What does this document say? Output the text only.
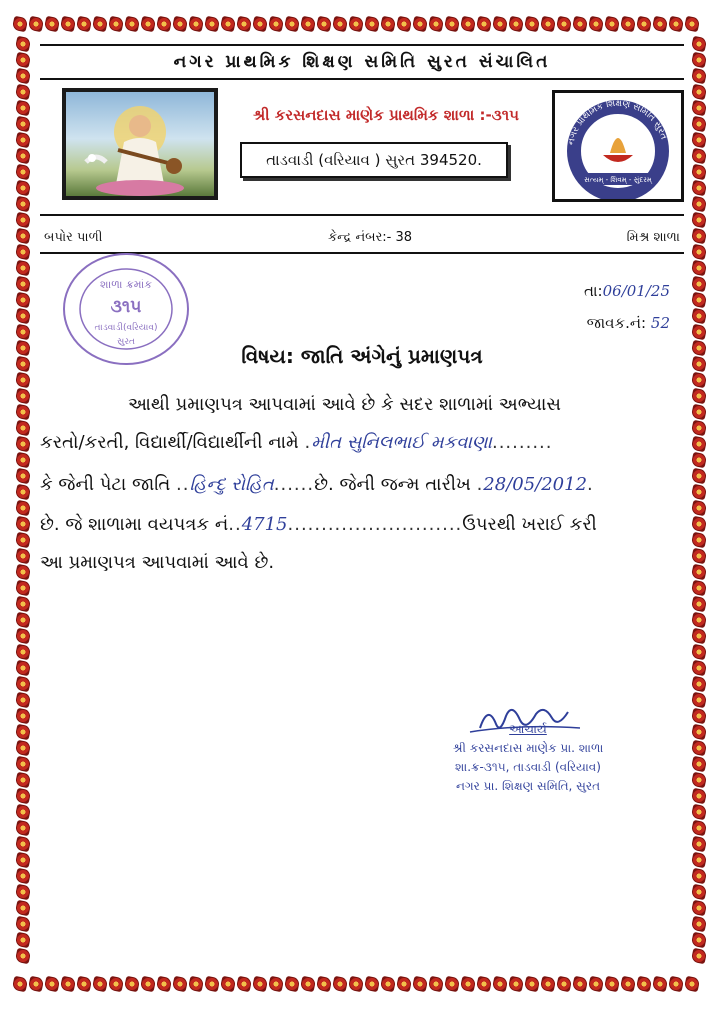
નગર પ્રાથમિક શિક્ષણ સમિતિ સુરત સંચાલિત
શ્રી કરસનદાસ માણેક પ્રાથમિક શાળા :-૩૧૫
તાડવાડી (વરિયાવ ) સુરત 394520.
નગર પ્રાથમિક શિક્ષણ સમિતિ સુરત
સત્યમ્ - શિવમ્ - સુંદરમ્
બપોર પાળી	કેન્દ્ર નંબર:- 38	મિશ્ર શાળા
શાળા ક્રમાંક
૩૧૫
તાડવાડી(વરિયાવ)
સુરત
તા:06/01/25
જાવક.નં: 52
વિષય: જાતિ અંગેનું પ્રમાણપત્ર
આથી પ્રમાણપત્ર આપવામાં આવે છે કે સદર શાળામાં અભ્યાસ
કરતો/કરતી, વિદ્યાર્થી/વિદ્યાર્થીની નામે .મીત સુનિલભાઈ મકવાણા.........
કે જેની પેટા જાતિ ..હિન્દુ રોહિત......છે. જેની જન્મ તારીખ .28/05/2012.
છે. જે શાળામા વયપત્રક નં..4715..........................ઉપરથી ખરાઈ કરી
આ પ્રમાણપત્ર આપવામાં આવે છે.
આચાર્ય
શ્રી કરસનદાસ માણેક પ્રા. શાળા
શા.ક્ર-૩૧૫, તાડવાડી (વરિયાવ)
નગર પ્રા. શિક્ષણ સમિતિ, સુરત
